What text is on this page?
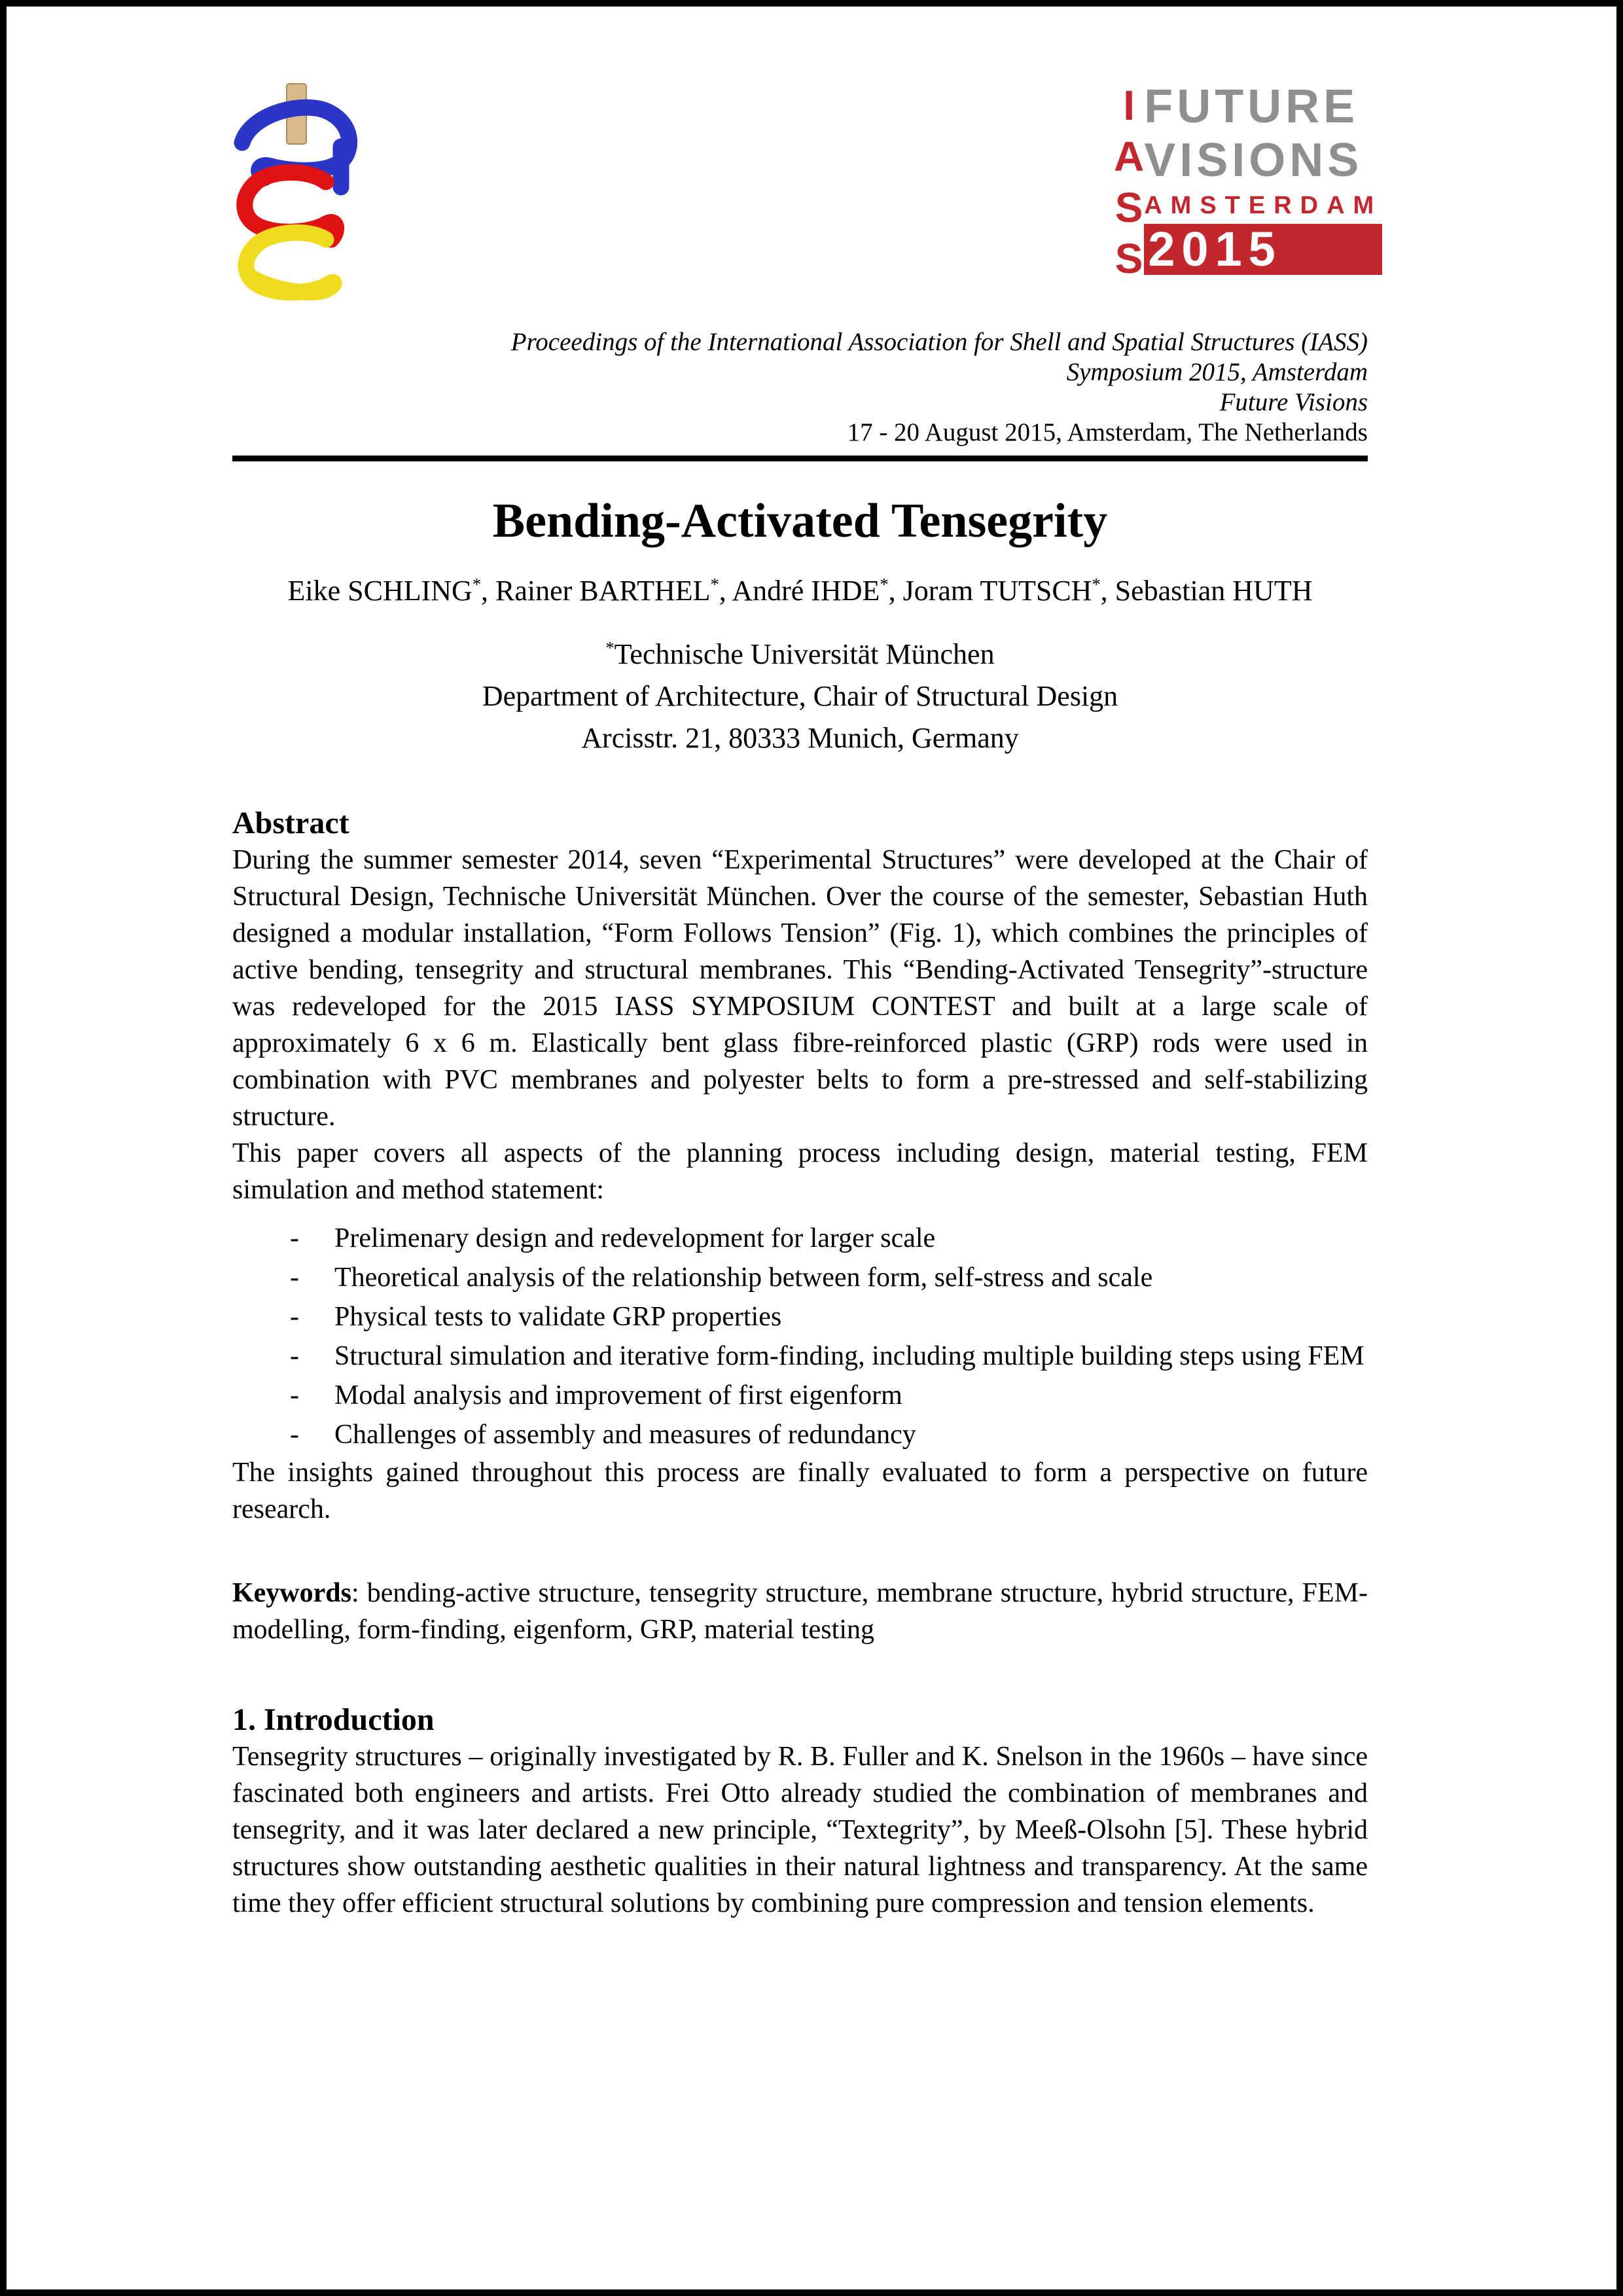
I
A
S
S
FUTURE
VISIONS
AMSTERDAM
2015
Proceedings of the International Association for Shell and Spatial Structures (IASS)
Symposium 2015, Amsterdam
Future Visions
17 - 20 August 2015, Amsterdam, The Netherlands
Bending-Activated Tensegrity
Eike SCHLING*, Rainer BARTHEL*, André IHDE*, Joram TUTSCH*, Sebastian HUTH
*Technische Universität München
Department of Architecture, Chair of Structural Design
Arcisstr. 21, 80333 Munich, Germany
Abstract

During the summer semester 2014, seven “Experimental Structures” were developed at the Chair of Structural Design, Technische Universität München. Over the course of the semester, Sebastian Huth designed a modular installation, “Form Follows Tension” (Fig. 1), which combines the principles of active bending, tensegrity and structural membranes. This “Bending-Activated Tensegrity”-structure was redeveloped for the 2015 IASS SYMPOSIUM CONTEST and built at a large scale of approximately 6 x 6 m. Elastically bent glass fibre-reinforced plastic (GRP) rods were used in combination with PVC membranes and polyester belts to form a pre-stressed and self-stabilizing structure.

This paper covers all aspects of the planning process including design, material testing, FEM simulation and method statement:

- Prelimenary design and redevelopment for larger scale
- Theoretical analysis of the relationship between form, self-stress and scale
- Physical tests to validate GRP properties
- Structural simulation and iterative form-finding, including multiple building steps using FEM
- Modal analysis and improvement of first eigenform
- Challenges of assembly and measures of redundancy

The insights gained throughout this process are finally evaluated to form a perspective on future research.

Keywords: bending-active structure, tensegrity structure, membrane structure, hybrid structure, FEM-modelling, form-finding, eigenform, GRP, material testing

1. Introduction

Tensegrity structures – originally investigated by R. B. Fuller and K. Snelson in the 1960s – have since fascinated both engineers and artists. Frei Otto already studied the combination of membranes and tensegrity, and it was later declared a new principle, “Textegrity”, by Meeß-Olsohn [5]. These hybrid structures show outstanding aesthetic qualities in their natural lightness and transparency. At the same time they offer efficient structural solutions by combining pure compression and tension elements.
